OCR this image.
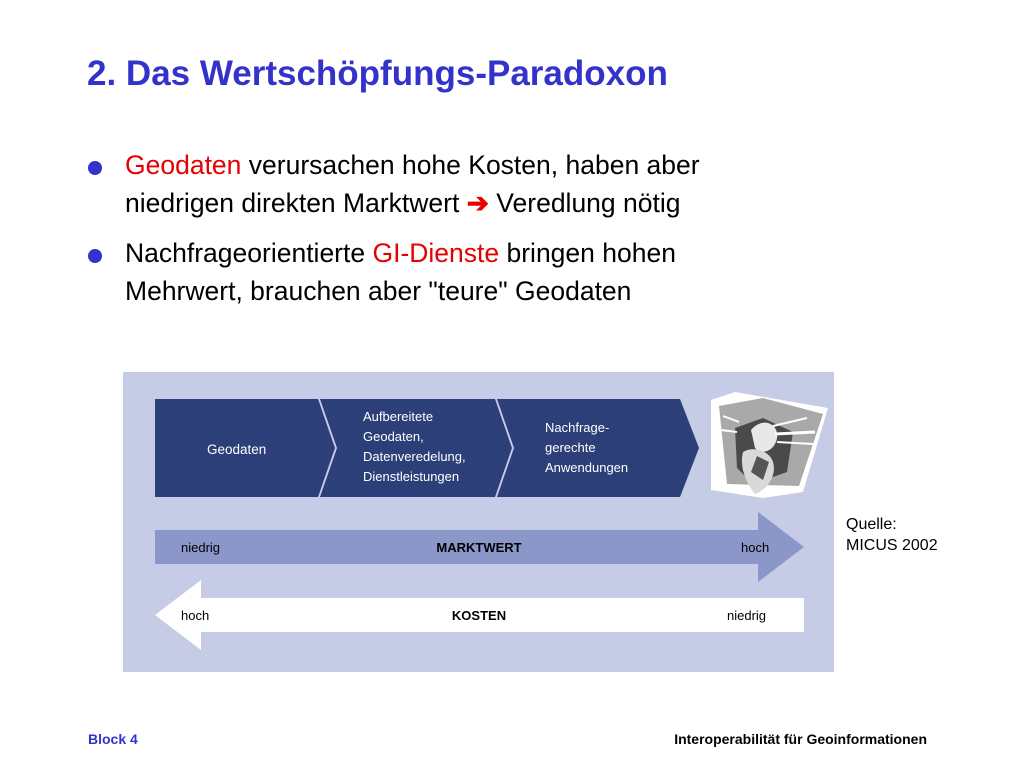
2. Das Wertschöpfungs-Paradoxon
Geodaten verursachen hohe Kosten, haben aber
niedrigen direkten Marktwert ➔ Veredlung nötig
Nachfrageorientierte GI-Dienste bringen hohen
Mehrwert, brauchen aber "teure" Geodaten
Geodaten
Aufbereitete Geodaten, Datenveredelung, Dienstleistungen
Nachfrage- gerechte Anwendungen
niedrig	MARKTWERT	hoch
hoch	KOSTEN	niedrig
Quelle:
MICUS 2002
Block 4	Interoperabilität für Geoinformationen
